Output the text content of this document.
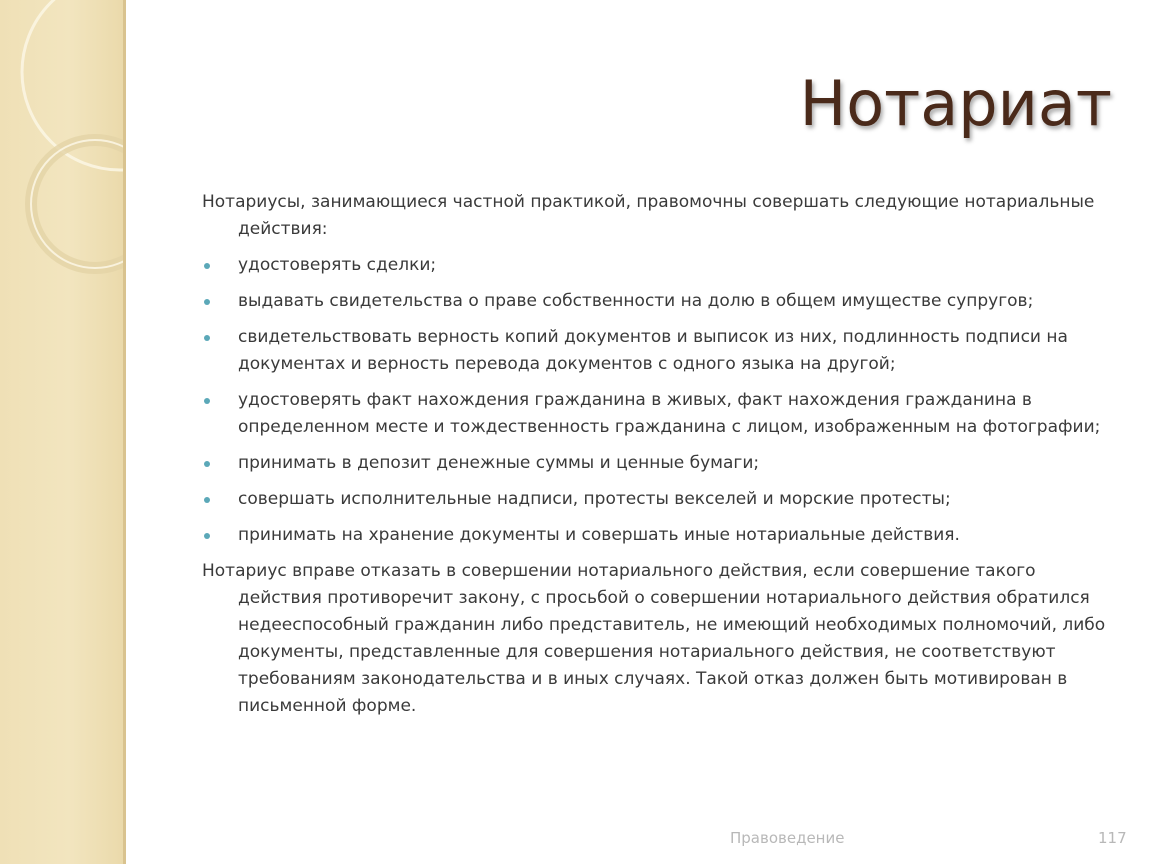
Нотариат

Нотариусы, занимающиеся частной практикой, правомочны совершать следующие нотариальные действия:

удостоверять сделки;
выдавать свидетельства о праве собственности на долю в общем имуществе супругов;
свидетельствовать верность копий документов и выписок из них, подлинность подписи на документах и верность перевода документов с одного языка на другой;
удостоверять факт нахождения гражданина в живых, факт нахождения гражданина в определенном месте и тождественность гражданина с лицом, изображенным на фотографии;
принимать в депозит денежные суммы и ценные бумаги;
совершать исполнительные надписи, протесты векселей и морские протесты;
принимать на хранение документы и совершать иные нотариальные действия.

Нотариус вправе отказать в совершении нотариального действия, если совершение такого действия противоречит закону, с просьбой о совершении нотариального действия обратился недееспособный гражданин либо представитель, не имеющий необходимых полномочий, либо документы, представленные для совершения нотариального действия, не соответствуют требованиям законодательства и в иных случаях. Такой отказ должен быть мотивирован в письменной форме.

Правоведение	117
